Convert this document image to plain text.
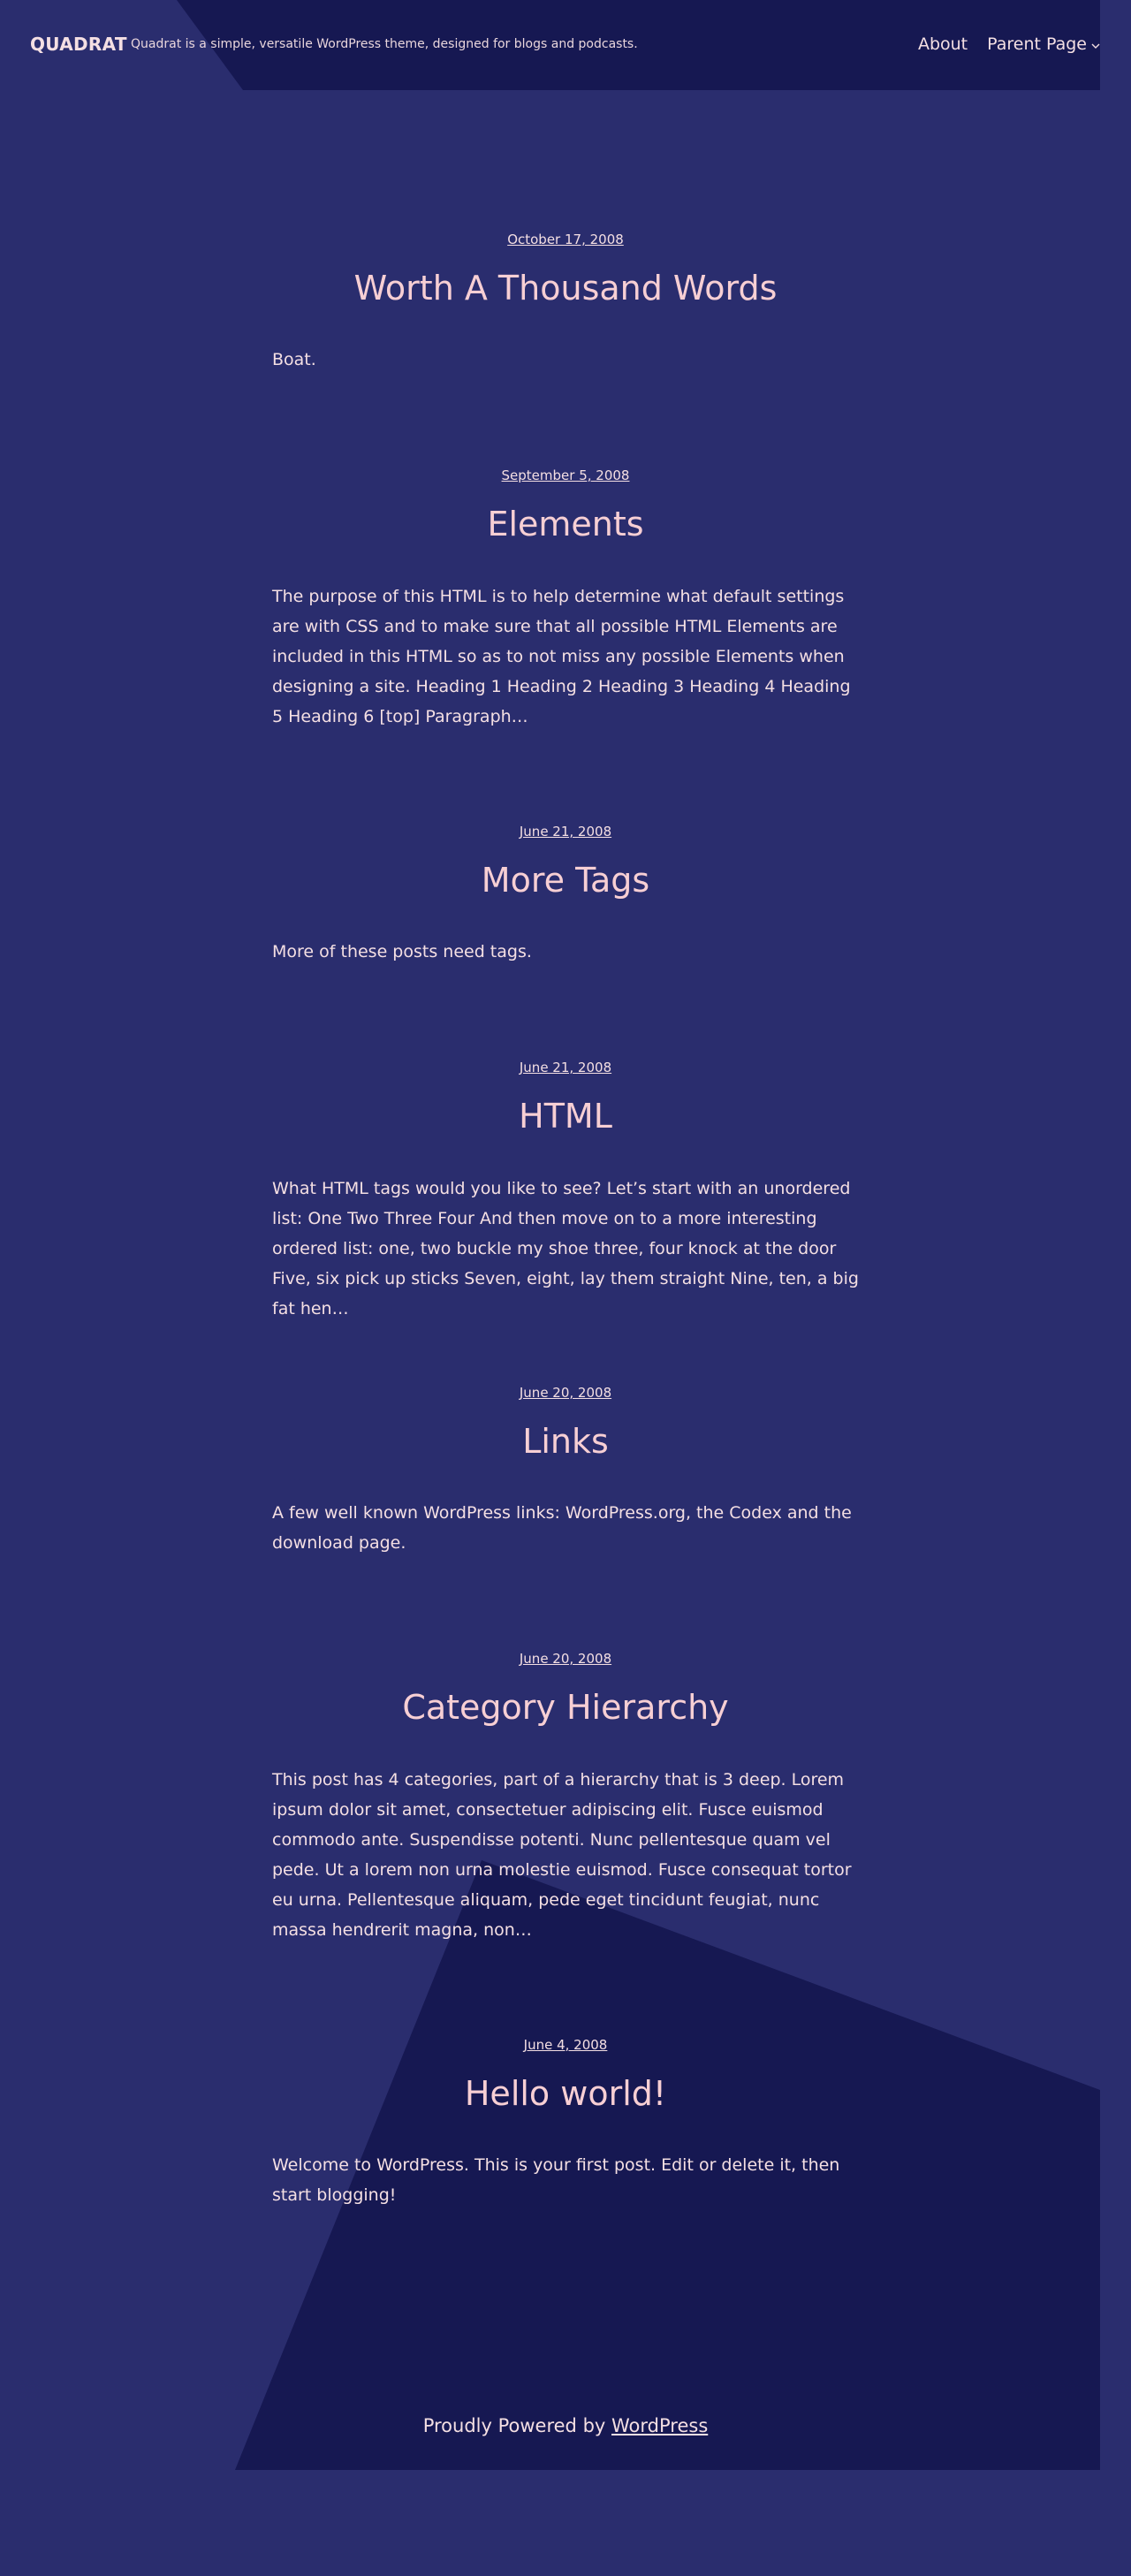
QUADRAT Quadrat is a simple, versatile WordPress theme, designed for blogs and podcasts.	About Parent Page
October 17, 2008
Worth A Thousand Words

Boat.

September 5, 2008
Elements

The purpose of this HTML is to help determine what default settings are with CSS and to make sure that all possible HTML Elements are included in this HTML so as to not miss any possible Elements when designing a site. Heading 1 Heading 2 Heading 3 Heading 4 Heading 5 Heading 6 [top] Paragraph…

June 21, 2008
More Tags

More of these posts need tags.

June 21, 2008
HTML

What HTML tags would you like to see? Let’s start with an unordered list: One Two Three Four And then move on to a more interesting ordered list: one, two buckle my shoe three, four knock at the door Five, six pick up sticks Seven, eight, lay them straight Nine, ten, a big fat hen…

June 20, 2008
Links

A few well known WordPress links: WordPress.org, the Codex and the download page.

June 20, 2008
Category Hierarchy

This post has 4 categories, part of a hierarchy that is 3 deep. Lorem ipsum dolor sit amet, consectetuer adipiscing elit. Fusce euismod commodo ante. Suspendisse potenti. Nunc pellentesque quam vel pede. Ut a lorem non urna molestie euismod. Fusce consequat tortor eu urna. Pellentesque aliquam, pede eget tincidunt feugiat, nunc massa hendrerit magna, non…

June 4, 2008
Hello world!

Welcome to WordPress. This is your first post. Edit or delete it, then start blogging!

Proudly Powered by WordPress
